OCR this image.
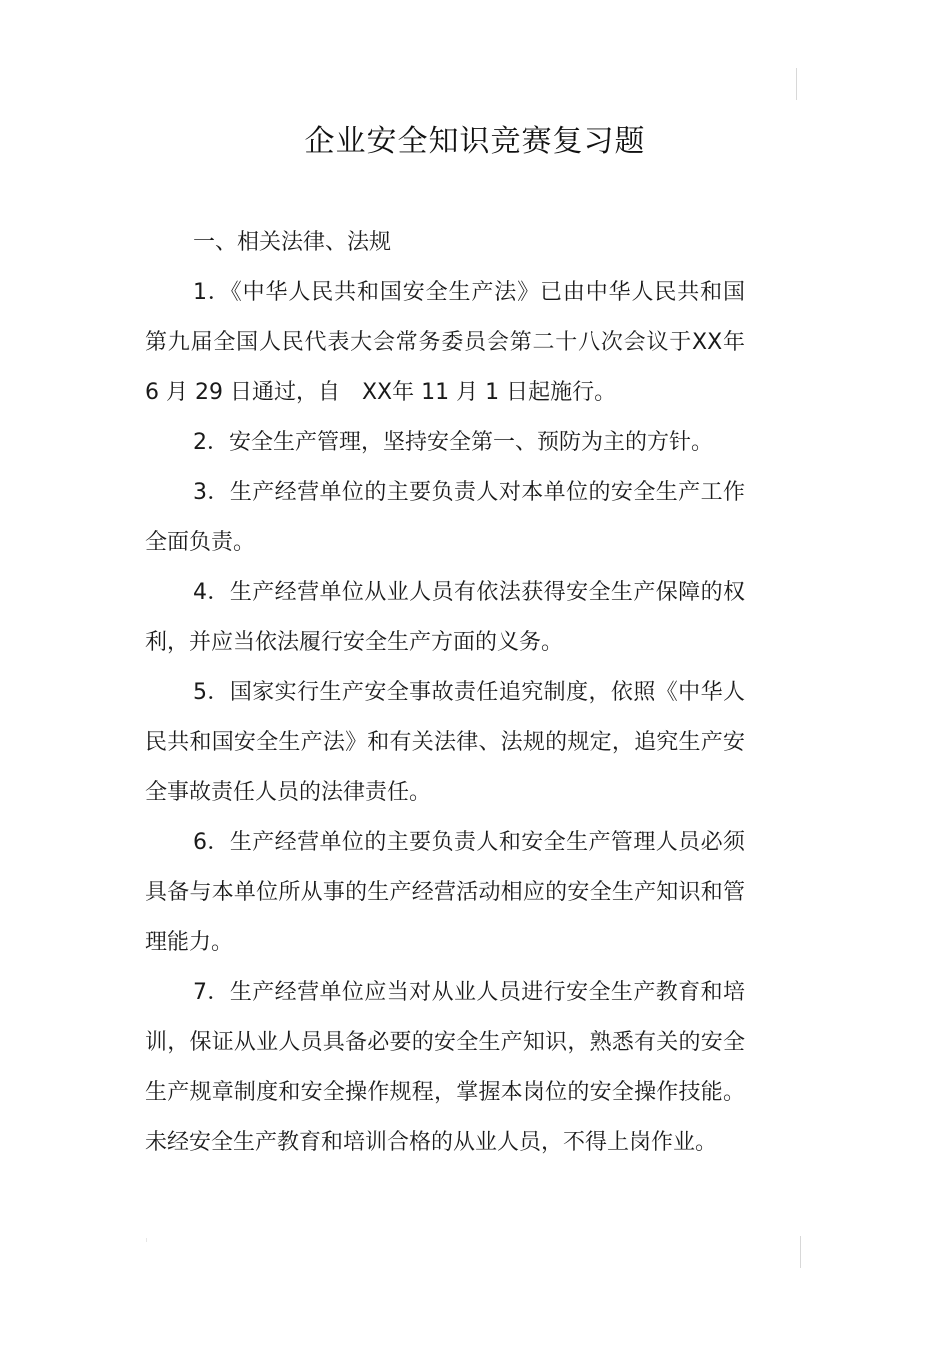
企业安全知识竞赛复习题

一、相关法律、法规

1．《中华人民共和国安全生产法》已由中华人民共和国第九届全国人民代表大会常务委员会第二十八次会议于XX年 6 月 29 日通过，自　XX年 11 月 1 日起施行。

2．安全生产管理，坚持安全第一、预防为主的方针。

3．生产经营单位的主要负责人对本单位的安全生产工作全面负责。

4．生产经营单位从业人员有依法获得安全生产保障的权利，并应当依法履行安全生产方面的义务。

5．国家实行生产安全事故责任追究制度，依照《中华人民共和国安全生产法》和有关法律、法规的规定，追究生产安全事故责任人员的法律责任。

6．生产经营单位的主要负责人和安全生产管理人员必须具备与本单位所从事的生产经营活动相应的安全生产知识和管理能力。

7．生产经营单位应当对从业人员进行安全生产教育和培训，保证从业人员具备必要的安全生产知识，熟悉有关的安全生产规章制度和安全操作规程，掌握本岗位的安全操作技能。未经安全生产教育和培训合格的从业人员，不得上岗作业。
